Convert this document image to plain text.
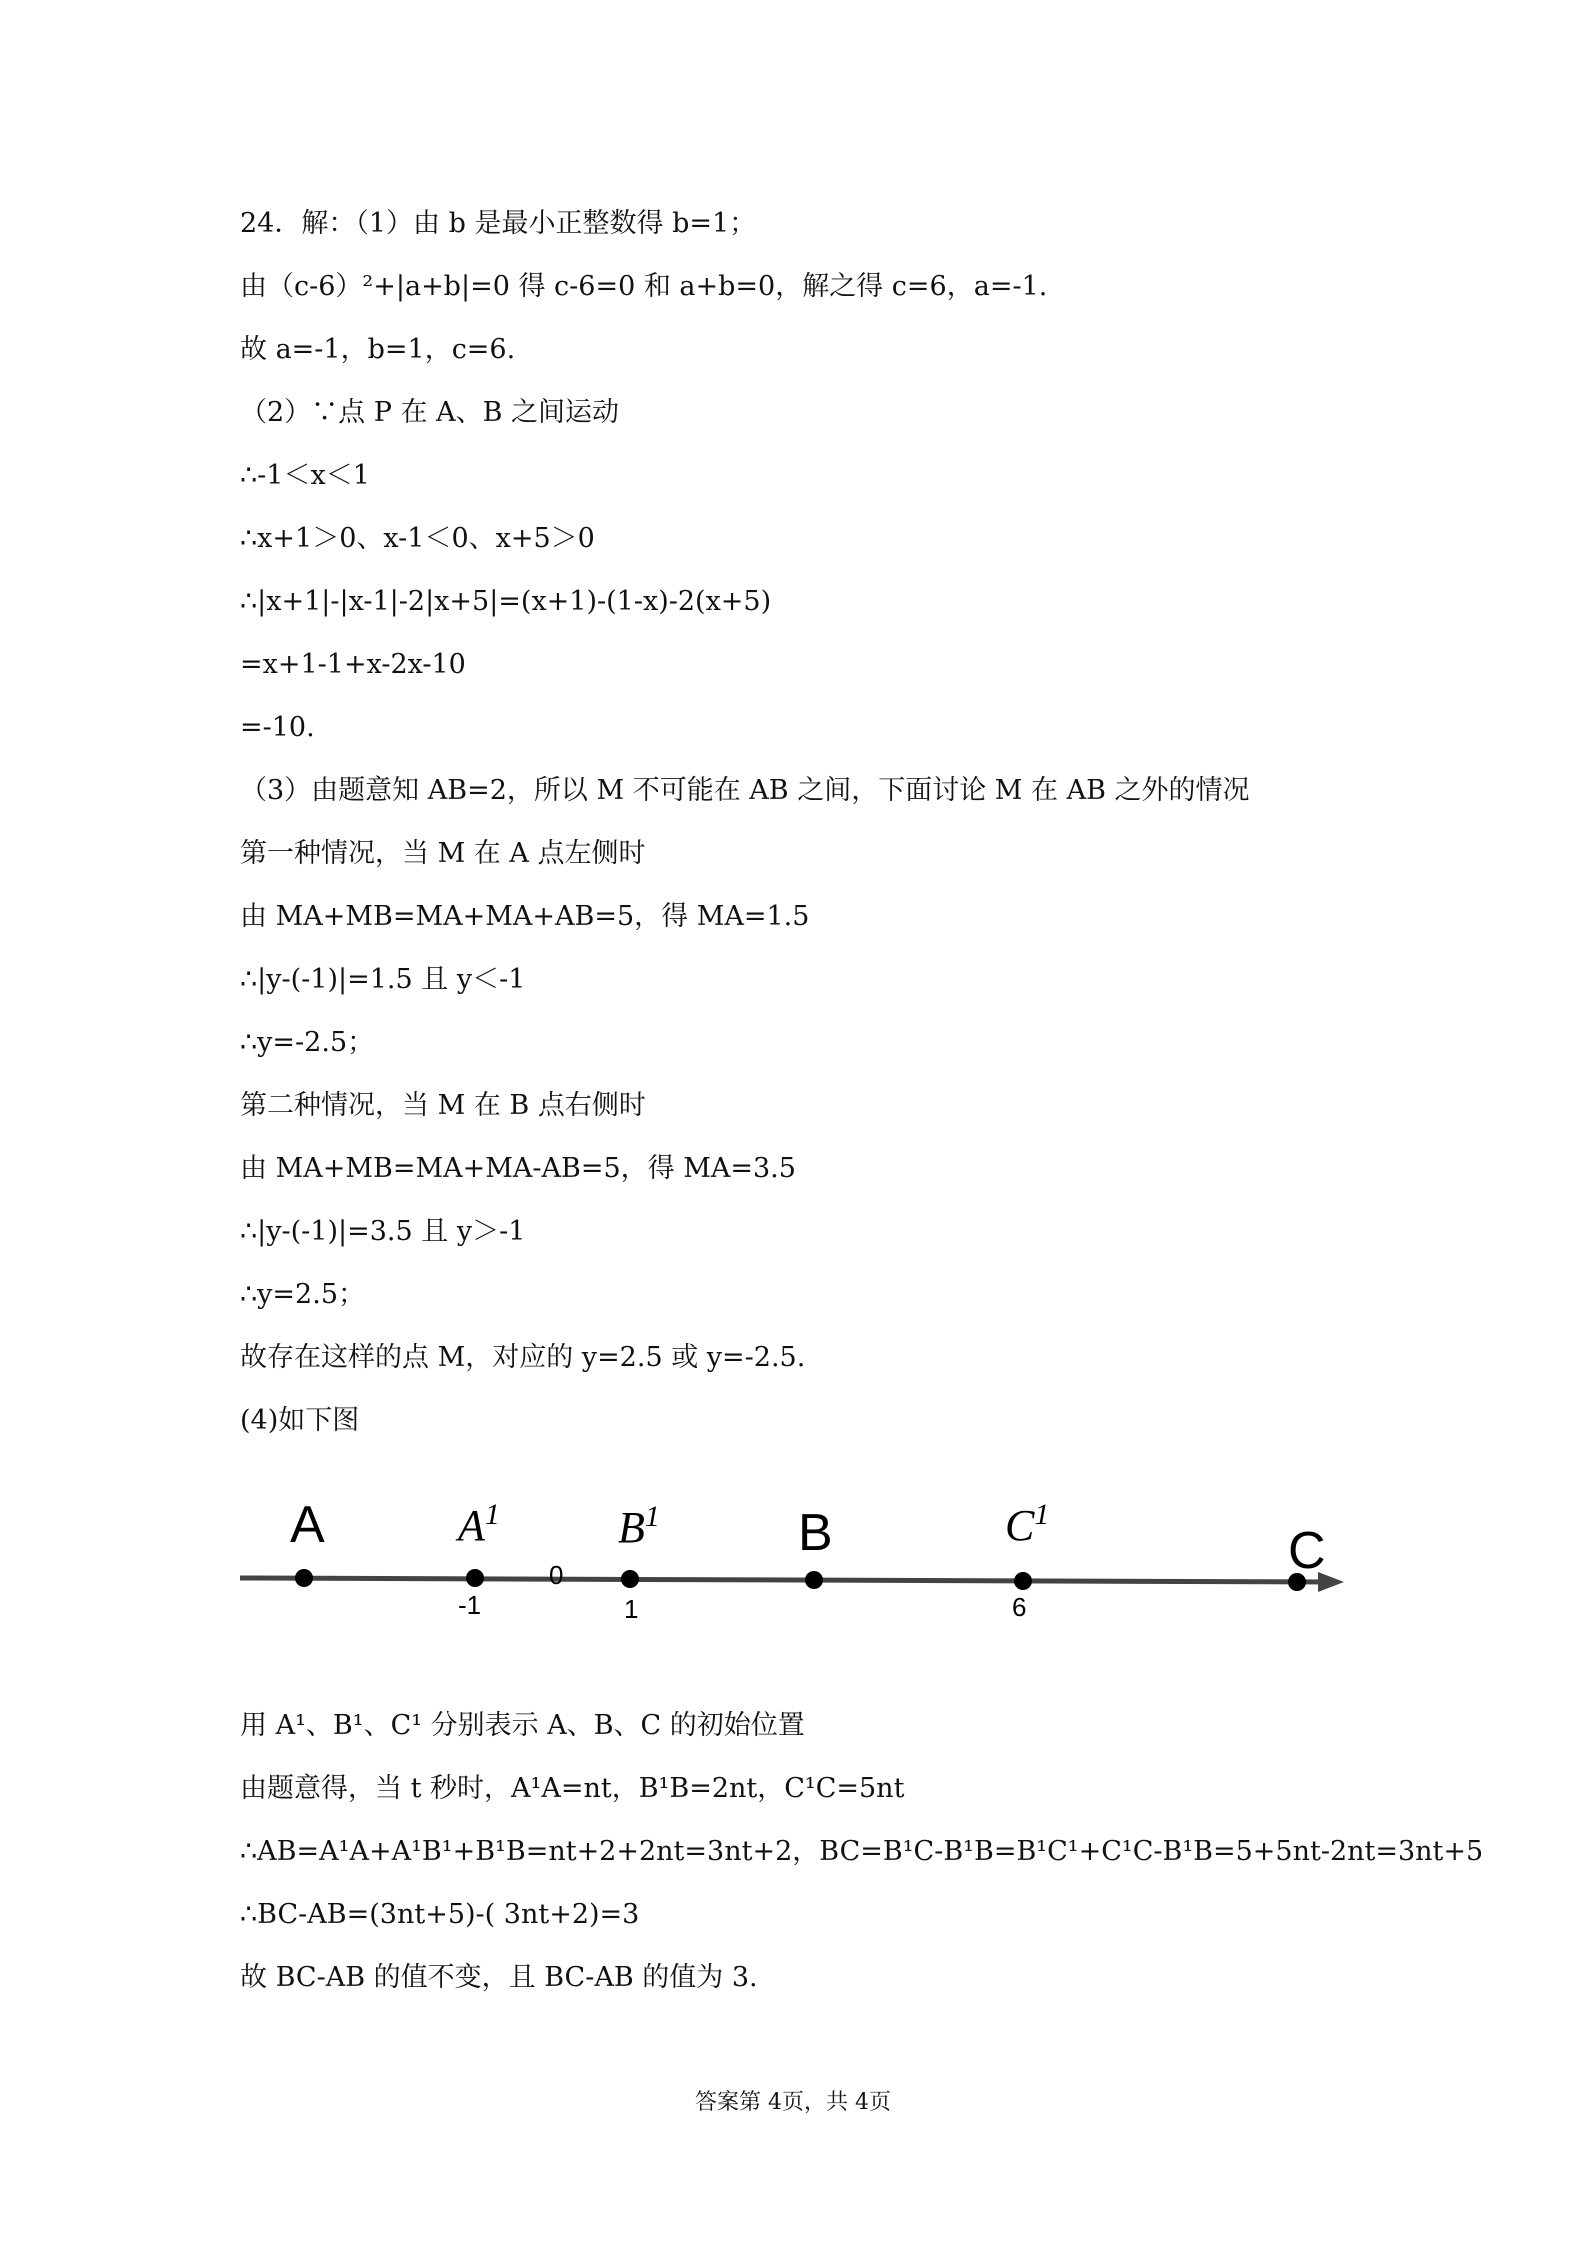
24．解：（1）由 b 是最小正整数得 b=1；
由（c-6）²+|a+b|=0 得 c-6=0 和 a+b=0，解之得 c=6，a=-1.
故 a=-1，b=1，c=6.
（2）∵点 P 在 A、B 之间运动
∴-1＜x＜1
∴x+1＞0、x-1＜0、x+5＞0
∴|x+1|-|x-1|-2|x+5|=(x+1)-(1-x)-2(x+5)
=x+1-1+x-2x-10
=-10.
（3）由题意知 AB=2，所以 M 不可能在 AB 之间，下面讨论 M 在 AB 之外的情况
第一种情况，当 M 在 A 点左侧时
由 MA+MB=MA+MA+AB=5，得 MA=1.5
∴|y-(-1)|=1.5 且 y＜-1
∴y=-2.5；
第二种情况，当 M 在 B 点右侧时
由 MA+MB=MA+MA-AB=5，得 MA=3.5
∴|y-(-1)|=3.5 且 y＞-1
∴y=2.5；
故存在这样的点 M，对应的 y=2.5 或 y=-2.5.
(4)如下图
A	$A^1$	$B^1$	B	$C^1$
C
-1
0
1	6
用 A¹、B¹、C¹ 分别表示 A、B、C 的初始位置
由题意得，当 t 秒时，A¹A=nt，B¹B=2nt，C¹C=5nt
∴AB=A¹A+A¹B¹+B¹B=nt+2+2nt=3nt+2，BC=B¹C-B¹B=B¹C¹+C¹C-B¹B=5+5nt-2nt=3nt+5
∴BC-AB=(3nt+5)-( 3nt+2)=3
故 BC-AB 的值不变，且 BC-AB 的值为 3.
答案第 4页，共 4页
